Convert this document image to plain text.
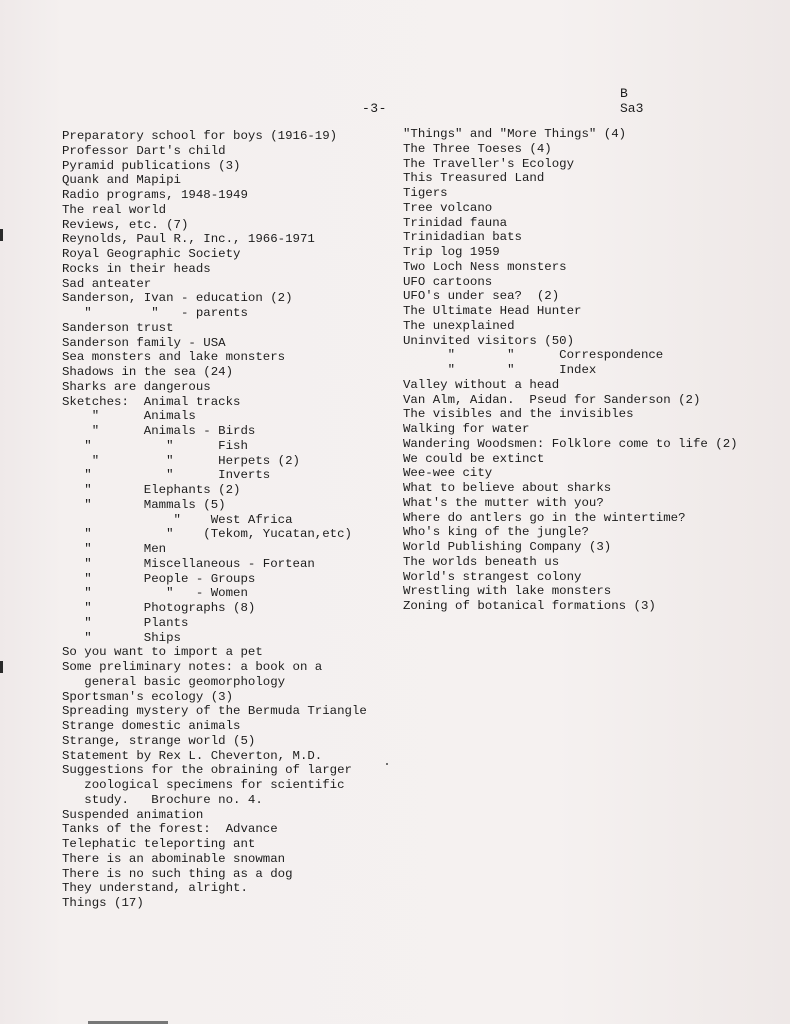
-3-
B
Sa3
Preparatory school for boys (1916-19)
Professor Dart's child
Pyramid publications (3)
Quank and Mapipi
Radio programs, 1948-1949
The real world
Reviews, etc. (7)
Reynolds, Paul R., Inc., 1966-1971
Royal Geographic Society
Rocks in their heads
Sad anteater
Sanderson, Ivan - education (2)
"        "   - parents
Sanderson trust
Sanderson family - USA
Sea monsters and lake monsters
Shadows in the sea (24)
Sharks are dangerous
Sketches:  Animal tracks
"      Animals
"      Animals - Birds
"          "      Fish
"         "      Herpets (2)
"          "      Inverts
"       Elephants (2)
"       Mammals (5)
"    West Africa
"          "    (Tekom, Yucatan,etc)
"       Men
"       Miscellaneous - Fortean
"       People - Groups
"          "   - Women
"       Photographs (8)
"       Plants
"       Ships
So you want to import a pet
Some preliminary notes: a book on a
general basic geomorphology
Sportsman's ecology (3)
Spreading mystery of the Bermuda Triangle
Strange domestic animals
Strange, strange world (5)
Statement by Rex L. Cheverton, M.D.
Suggestions for the obraining of larger
zoological specimens for scientific
study.   Brochure no. 4.
Suspended animation
Tanks of the forest:  Advance
Telephatic teleporting ant
There is an abominable snowman
There is no such thing as a dog
They understand, alright.
Things (17)
"Things" and "More Things" (4)
The Three Toeses (4)
The Traveller's Ecology
This Treasured Land
Tigers
Tree volcano
Trinidad fauna
Trinidadian bats
Trip log 1959
Two Loch Ness monsters
UFO cartoons
UFO's under sea?  (2)
The Ultimate Head Hunter
The unexplained
Uninvited visitors (50)
"       "      Correspondence
"       "      Index
Valley without a head
Van Alm, Aidan.  Pseud for Sanderson (2)
The visibles and the invisibles
Walking for water
Wandering Woodsmen: Folklore come to life (2)
We could be extinct
Wee-wee city
What to believe about sharks
What's the mutter with you?
Where do antlers go in the wintertime?
Who's king of the jungle?
World Publishing Company (3)
The worlds beneath us
World's strangest colony
Wrestling with lake monsters
Zoning of botanical formations (3)
